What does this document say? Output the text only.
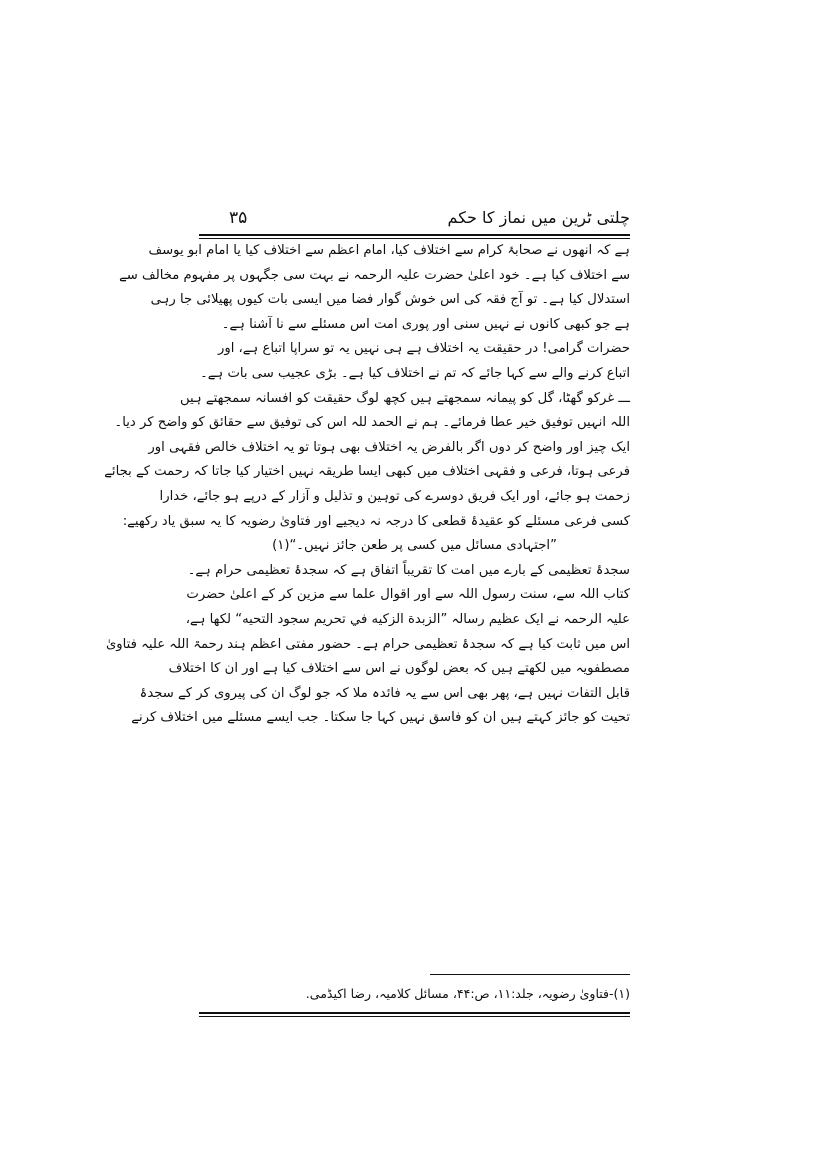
چلتی ٹرین میں نماز کا حکم
۳۵
ہے کہ انھوں نے صحابۂ کرام سے اختلاف کیا، امام اعظم سے اختلاف کیا یا امام ابو یوسف
سے اختلاف کیا ہے۔ خود اعلیٰ حضرت علیہ الرحمہ نے بہت سی جگہوں پر مفہوم مخالف سے
استدلال کیا ہے۔ تو آج فقہ کی اس خوش گوار فضا میں ایسی بات کیوں پھیلائی جا رہی
ہے جو کبھی کانوں نے نہیں سنی اور پوری امت اس مسئلے سے نا آشنا ہے۔
حضرات گرامی! در حقیقت یہ اختلاف ہے ہی نہیں یہ تو سراپا اتباع ہے، اور
اتباع کرنے والے سے کہا جائے کہ تم نے اختلاف کیا ہے۔ بڑی عجیب سی بات ہے۔
ـــ غرکو گھٹا، گل کو پیمانہ سمجھتے ہیں کچھ لوگ حقیقت کو افسانہ سمجھتے ہیں
اللہ انہیں توفیق خیر عطا فرمائے۔ ہم نے الحمد للہ اس کی توفیق سے حقائق کو واضح کر دیا۔
ایک چیز اور واضح کر دوں اگر بالفرض یہ اختلاف بھی ہوتا تو یہ اختلاف خالص فقہی اور
فرعی ہوتا، فرعی و فقہی اختلاف میں کبھی ایسا طریقہ نہیں اختیار کیا جاتا کہ رحمت کے بجائے
زحمت ہو جائے، اور ایک فریق دوسرے کی توہین و تذلیل و آزار کے درپے ہو جائے، خدارا
کسی فرعی مسئلے کو عقیدۂ قطعی کا درجہ نہ دیجیے اور فتاویٰ رضویہ کا یہ سبق یاد رکھیے:
”اجتہادی مسائل میں کسی پر طعن جائز نہیں۔“(۱)
سجدۂ تعظیمی کے بارے میں امت کا تقریباً اتفاق ہے کہ سجدۂ تعظیمی حرام ہے۔
کتاب اللہ سے، سنت رسول اللہ سے اور اقوال علما سے مزین کر کے اعلیٰ حضرت
علیہ الرحمہ نے ایک عظیم رسالہ ”الزبدة الزكيه في تحريم سجود التحيه“ لکھا ہے،
اس میں ثابت کیا ہے کہ سجدۂ تعظیمی حرام ہے۔ حضور مفتی اعظم ہند رحمۃ اللہ علیہ فتاویٰ
مصطفویہ میں لکھتے ہیں کہ بعض لوگوں نے اس سے اختلاف کیا ہے اور ان کا اختلاف
قابل التفات نہیں ہے، پھر بھی اس سے یہ فائدہ ملا کہ جو لوگ ان کی پیروی کر کے سجدۂ
تحیت کو جائز کہتے ہیں ان کو فاسق نہیں کہا جا سکتا۔ جب ایسے مسئلے میں اختلاف کرنے
(۱)-فتاویٰ رضویہ، جلد:۱۱، ص:۴۴، مسائل کلامیہ، رضا اکیڈمی.
